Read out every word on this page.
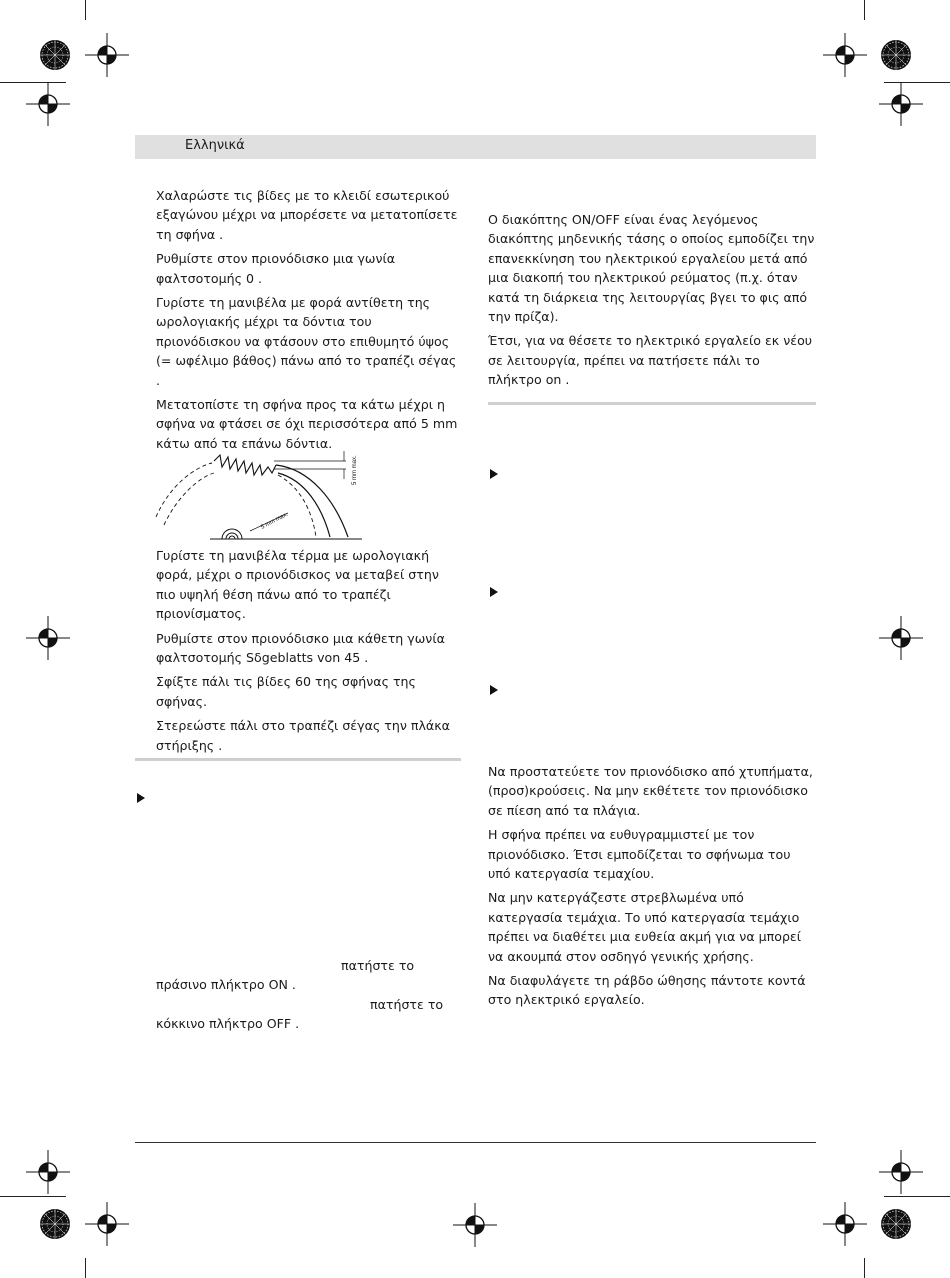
Ελληνικά

Χαλαρώστε τις βίδες με το κλειδί εσωτερικού εξαγώνου μέχρι να μπορέσετε να μετατοπίσετε τη σφήνα .

Ρυθμίστε στον πριονόδισκο μια γωνία φαλτσοτομής 0 .

Γυρίστε τη μανιβέλα με φορά αντίθετη της ωρολογιακής μέχρι τα δόντια του πριονόδισκου να φτάσουν στο επιθυμητό ύψος (= ωφέλιμο βάθος) πάνω από το τραπέζι σέγας .

Μετατοπίστε τη σφήνα προς τα κάτω μέχρι η σφήνα να φτάσει σε όχι περισσότερα από 5 mm κάτω από τα επάνω δόντια.

5 mm max.
5 mm max.

Γυρίστε τη μανιβέλα τέρμα με ωρολογιακή φορά, μέχρι ο πριονόδισκος να μεταβεί στην πιο υψηλή θέση πάνω από το τραπέζι πριονίσματος.

Ρυθμίστε στον πριονόδισκο μια κάθετη γωνία φαλτσοτομής Sδgeblatts von 45 .

Σφίξτε πάλι τις βίδες 60 της σφήνας της σφήνας.

Στερεώστε πάλι στο τραπέζι σέγας την πλάκα στήριξης .

πατήστε το
πράσινο πλήκτρο ON .
πατήστε το
κόκκινο πλήκτρο OFF .

Ο διακόπτης ON/OFF είναι ένας λεγόμενος διακόπτης μηδενικής τάσης ο οποίος εμποδίζει την επανεκκίνηση του ηλεκτρικού εργαλείου μετά από μια διακοπή του ηλεκτρικού ρεύματος (π.χ. όταν κατά τη διάρκεια της λειτουργίας βγει το φις από την πρίζα).

Έτσι, για να θέσετε το ηλεκτρικό εργαλείο εκ νέου σε λειτουργία, πρέπει να πατήσετε πάλι το πλήκτρο on .

Να προστατεύετε τον πριονόδισκο από χτυπήματα, (προσ)κρούσεις. Να μην εκθέτετε τον πριονόδισκο σε πίεση από τα πλάγια.

Η σφήνα πρέπει να ευθυγραμμιστεί με τον πριονόδισκο. Έτσι εμποδίζεται το σφήνωμα του υπό κατεργασία τεμαχίου.

Να μην κατεργάζεστε στρεβλωμένα υπό κατεργασία τεμάχια. Το υπό κατεργασία τεμάχιο πρέπει να διαθέτει μια ευθεία ακμή για να μπορεί να ακουμπά στον οσδηγό γενικής χρήσης.

Να διαφυλάγετε τη ράβδο ώθησης πάντοτε κοντά στο ηλεκτρικό εργαλείο.
